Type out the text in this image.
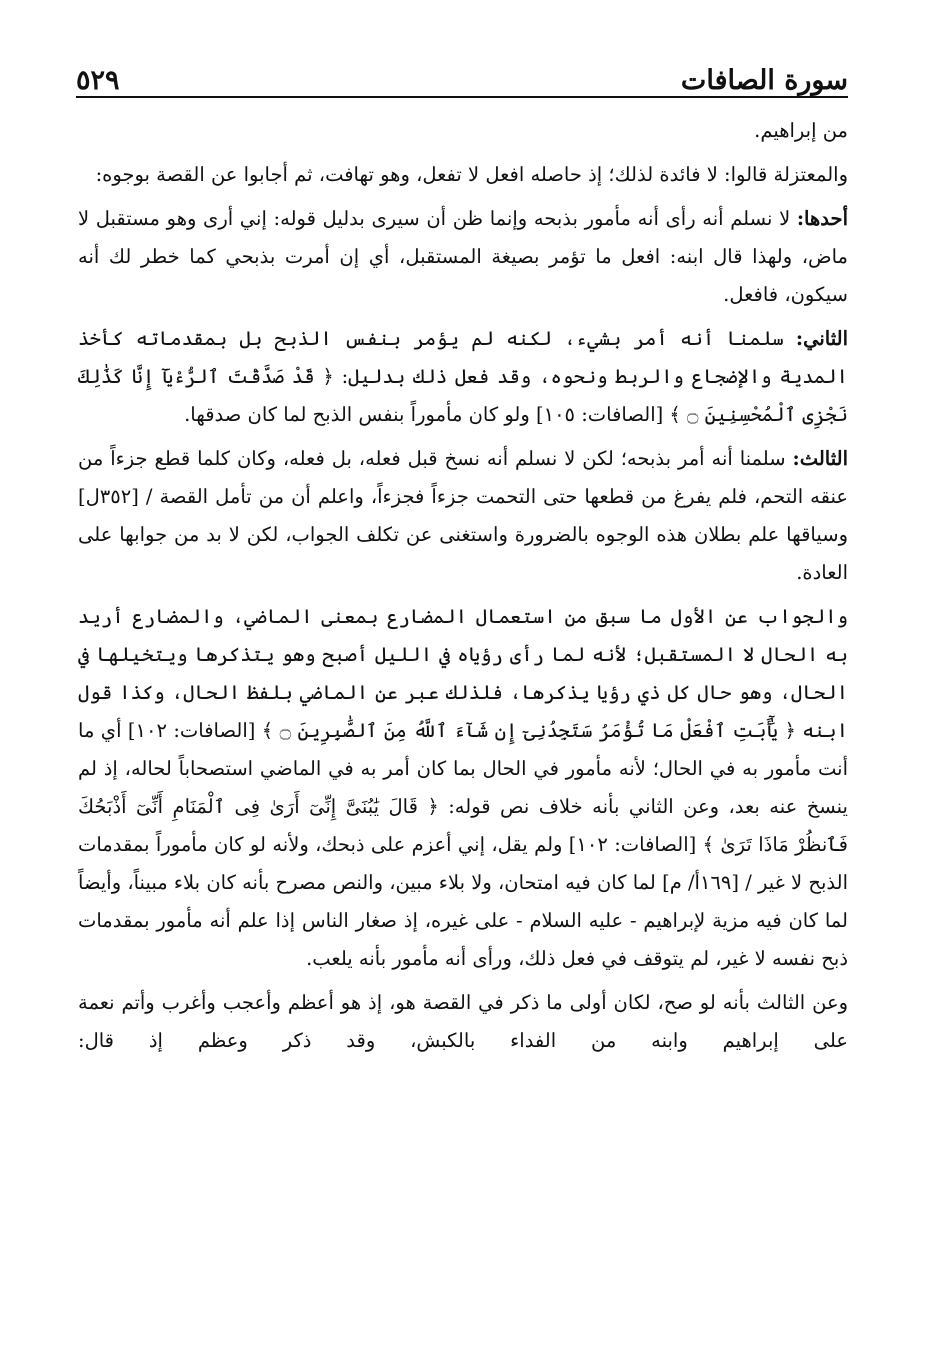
سورة الصافات
٥٢٩

من إبراهيم.

والمعتزلة قالوا: لا فائدة لذلك؛ إذ حاصله افعل لا تفعل، وهو تهافت، ثم أجابوا عن القصة بوجوه:

أحدها: لا نسلم أنه رأى أنه مأمور بذبحه وإنما ظن أن سيرى بدليل قوله: إني أرى وهو مستقبل لا ماض، ولهذا قال ابنه: افعل ما تؤمر بصيغة المستقبل، أي إن أمرت بذبحي كما خطر لك أنه سيكون، فافعل.

الثاني: سلمنا أنه أمر بشيء، لكنه لم يؤمر بنفس الذبح بل بمقدماته كأخذ المدية والإضجاع والربط ونحوه، وقد فعل ذلك بدليل: ﴿ قَدْ صَدَّقْتَ ٱلرُّءْيَآ إِنَّا كَذَٰلِكَ نَجْزِى ٱلْمُحْسِنِينَ ۝ ﴾ [الصافات: ١٠٥] ولو كان مأموراً بنفس الذبح لما كان صدقها.

الثالث: سلمنا أنه أمر بذبحه؛ لكن لا نسلم أنه نسخ قبل فعله، بل فعله، وكان كلما قطع جزءاً من عنقه التحم، فلم يفرغ من قطعها حتى التحمت جزءاً فجزءاً، واعلم أن من تأمل القصة / [٣٥٢ل] وسياقها علم بطلان هذه الوجوه بالضرورة واستغنى عن تكلف الجواب، لكن لا بد من جوابها على العادة.

والجواب عن الأول ما سبق من استعمال المضارع بمعنى الماضي، والمضارع أريد به الحال لا المستقبل؛ لأنه لما رأى رؤياه في الليل أصبح وهو يتذكرها ويتخيلها في الحال، وهو حال كل ذي رؤيا يذكرها، فلذلك عبر عن الماضي بلفظ الحال، وكذا قول ابنه ﴿ يَٰٓأَبَتِ ٱفْعَلْ مَا تُؤْمَرُ سَتَجِدُنِىٓ إِن شَآءَ ٱللَّهُ مِنَ ٱلصَّٰبِرِينَ ۝ ﴾ [الصافات: ١٠٢] أي ما أنت مأمور به في الحال؛ لأنه مأمور في الحال بما كان أمر به في الماضي استصحاباً لحاله، إذ لم ينسخ عنه بعد، وعن الثاني بأنه خلاف نص قوله: ﴿ قَالَ يَٰبُنَىَّ إِنِّىٓ أَرَىٰ فِى ٱلْمَنَامِ أَنِّىٓ أَذْبَحُكَ فَٱنظُرْ مَاذَا تَرَىٰ ﴾ [الصافات: ١٠٢] ولم يقل، إني أعزم على ذبحك، ولأنه لو كان مأموراً بمقدمات الذبح لا غير / [١٦٩أ/ م] لما كان فيه امتحان، ولا بلاء مبين، والنص مصرح بأنه كان بلاء مبيناً، وأيضاً لما كان فيه مزية لإبراهيم - عليه السلام - على غيره، إذ صغار الناس إذا علم أنه مأمور بمقدمات ذبح نفسه لا غير، لم يتوقف في فعل ذلك، ورأى أنه مأمور بأنه يلعب.

وعن الثالث بأنه لو صح، لكان أولى ما ذكر في القصة هو، إذ هو أعظم وأعجب وأغرب وأتم نعمة على إبراهيم وابنه من الفداء بالكبش، وقد ذكر وعظم إذ قال:
